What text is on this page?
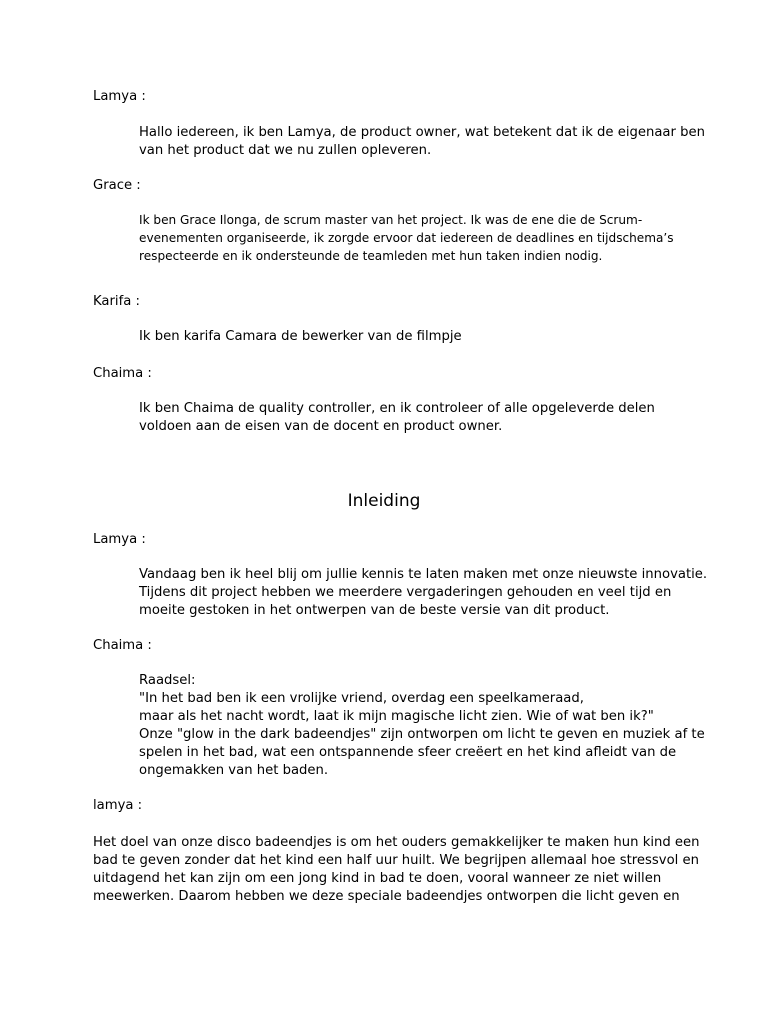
Lamya :
Hallo iedereen, ik ben Lamya, de product owner, wat betekent dat ik de eigenaar ben
van het product dat we nu zullen opleveren.
Grace :
Ik ben Grace Ilonga, de scrum master van het project. Ik was de ene die de Scrum-
evenementen organiseerde, ik zorgde ervoor dat iedereen de deadlines en tijdschema’s
respecteerde en ik ondersteunde de teamleden met hun taken indien nodig.
Karifa :
Ik ben karifa Camara de bewerker van de filmpje
Chaima :
Ik ben Chaima de quality controller, en ik controleer of alle opgeleverde delen
voldoen aan de eisen van de docent en product owner.
Inleiding
Lamya :
Vandaag ben ik heel blij om jullie kennis te laten maken met onze nieuwste innovatie.
Tijdens dit project hebben we meerdere vergaderingen gehouden en veel tijd en
moeite gestoken in het ontwerpen van de beste versie van dit product.
Chaima :
Raadsel:
"In het bad ben ik een vrolijke vriend, overdag een speelkameraad,
maar als het nacht wordt, laat ik mijn magische licht zien. Wie of wat ben ik?"
Onze "glow in the dark badeendjes" zijn ontworpen om licht te geven en muziek af te
spelen in het bad, wat een ontspannende sfeer creëert en het kind afleidt van de
ongemakken van het baden.
lamya :
Het doel van onze disco badeendjes is om het ouders gemakkelijker te maken hun kind een
bad te geven zonder dat het kind een half uur huilt. We begrijpen allemaal hoe stressvol en
uitdagend het kan zijn om een jong kind in bad te doen, vooral wanneer ze niet willen
meewerken. Daarom hebben we deze speciale badeendjes ontworpen die licht geven en
